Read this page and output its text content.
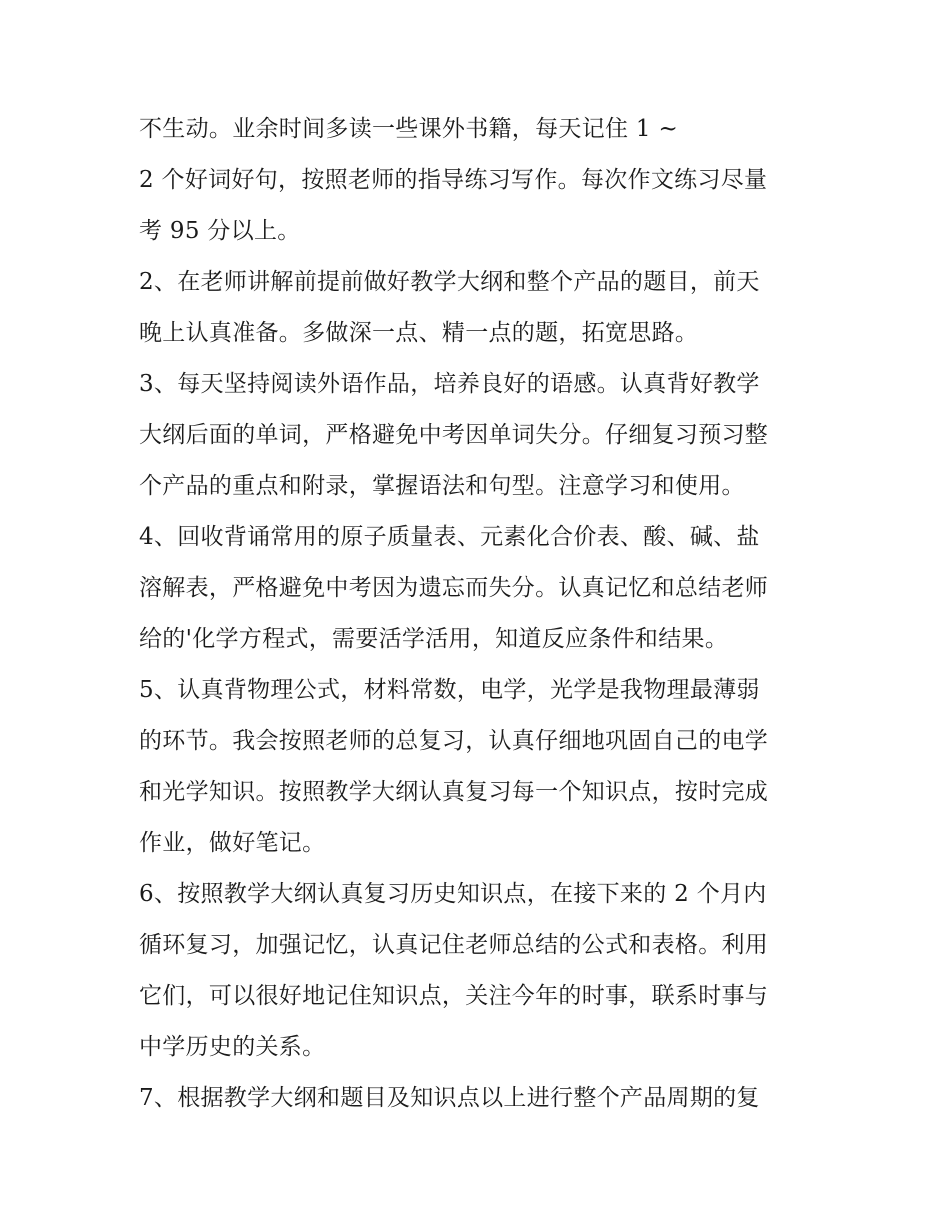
不生动。业余时间多读一些课外书籍，每天记住 1 ~
2 个好词好句，按照老师的指导练习写作。每次作文练习尽量
考 95 分以上。
2、在老师讲解前提前做好教学大纲和整个产品的题目，前天
晚上认真准备。多做深一点、精一点的题，拓宽思路。
3、每天坚持阅读外语作品，培养良好的语感。认真背好教学
大纲后面的单词，严格避免中考因单词失分。仔细复习预习整
个产品的重点和附录，掌握语法和句型。注意学习和使用。
4、回收背诵常用的原子质量表、元素化合价表、酸、碱、盐
溶解表，严格避免中考因为遗忘而失分。认真记忆和总结老师
给的'化学方程式，需要活学活用，知道反应条件和结果。
5、认真背物理公式，材料常数，电学，光学是我物理最薄弱
的环节。我会按照老师的总复习，认真仔细地巩固自己的电学
和光学知识。按照教学大纲认真复习每一个知识点，按时完成
作业，做好笔记。
6、按照教学大纲认真复习历史知识点，在接下来的 2 个月内
循环复习，加强记忆，认真记住老师总结的公式和表格。利用
它们，可以很好地记住知识点，关注今年的时事，联系时事与
中学历史的关系。
7、根据教学大纲和题目及知识点以上进行整个产品周期的复
